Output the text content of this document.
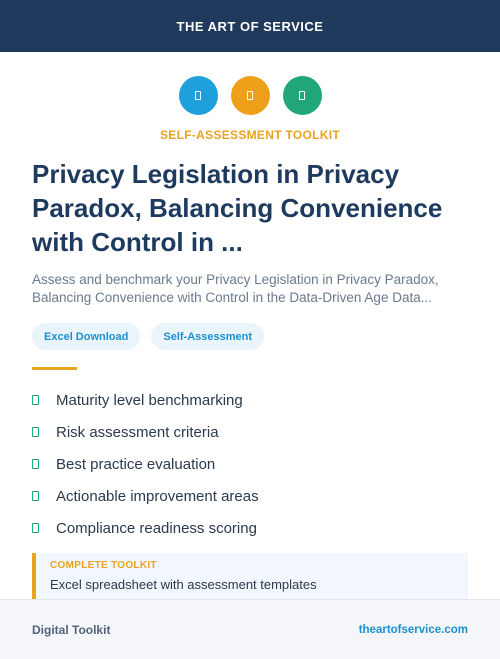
THE ART OF SERVICE
SELF-ASSESSMENT TOOLKIT
Privacy Legislation in Privacy Paradox, Balancing Convenience with Control in ...

Assess and benchmark your Privacy Legislation in Privacy Paradox, Balancing Convenience with Control in the Data-Driven Age Data...

Excel Download	Self-Assessment
Maturity level benchmarking
Risk assessment criteria
Best practice evaluation
Actionable improvement areas
Compliance readiness scoring
COMPLETE TOOLKIT
Excel spreadsheet with assessment templates
Digital Toolkit	theartofservice.com
